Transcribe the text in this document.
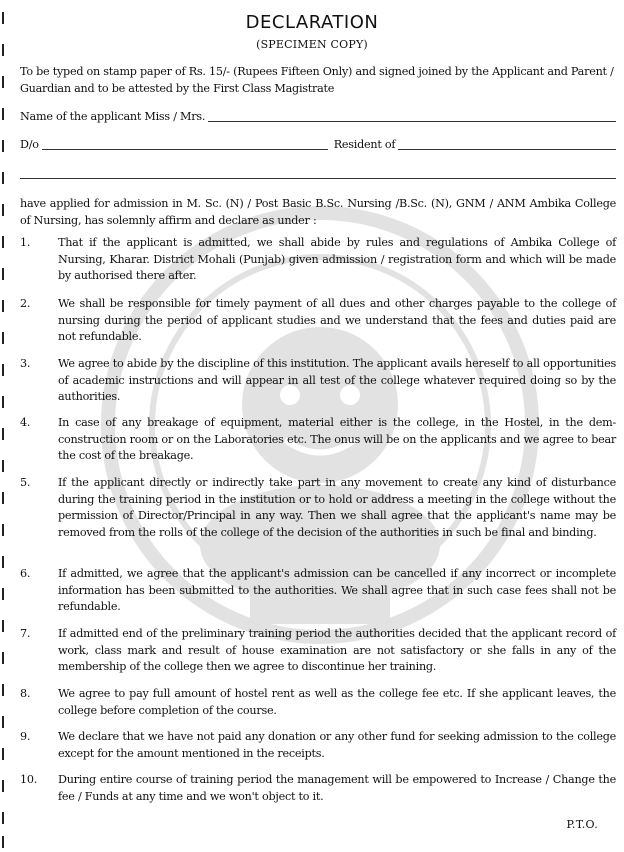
DECLARATION
(SPECIMEN COPY)
To be typed on stamp paper of Rs. 15/- (Rupees Fifteen Only) and signed joined by the Applicant and Parent / Guardian and to be attested by the First Class Magistrate
Name of the applicant Miss / Mrs.
D/o	Resident of
have applied for admission in M. Sc. (N) / Post Basic B.Sc. Nursing /B.Sc. (N), GNM / ANM Ambika College of Nursing, has solemnly affirm and declare as under :
1.	That if the applicant is admitted, we shall abide by rules and regulations of Ambika College of Nursing, Kharar. District Mohali (Punjab) given admission / registration form and which will be made by authorised there after.
2.	We shall be responsible for timely payment of all dues and other charges payable to the college of nursing during the period of applicant studies and we understand that the fees and duties paid are not refundable.
3.	We agree to abide by the discipline of this institution. The applicant avails hereself to all opportunities of academic instructions and will appear in all test of the college whatever required doing so by the authorities.
4.	In case of any breakage of equipment, material either is the college, in the Hostel, in the dem-construction room or on the Laboratories etc. The onus will be on the applicants and we agree to bear the cost of the breakage.
5.	If the applicant directly or indirectly take part in any movement to create any kind of disturbance during the training period in the institution or to hold or address a meeting in the college without the permission of Director/Principal in any way. Then we shall agree that the applicant's name may be removed from the rolls of the college of the decision of the authorities in such be final and binding.
6.	If admitted, we agree that the applicant's admission can be cancelled if any incorrect or incomplete information has been submitted to the authorities. We shall agree that in such case fees shall not be refundable.
7.	If admitted end of the preliminary training period the authorities decided that the applicant record of work, class mark and result of house examination are not satisfactory or she falls in any of the membership of the college then we agree to discontinue her training.
8.	We agree to pay full amount of hostel rent as well as the college fee etc. If she applicant leaves, the college before completion of the course.
9.	We declare that we have not paid any donation or any other fund for seeking admission to the college except for the amount mentioned in the receipts.
10.	During entire course of training period the management will be empowered to Increase / Change the fee / Funds at any time and we won't object to it.
P.T.O.
